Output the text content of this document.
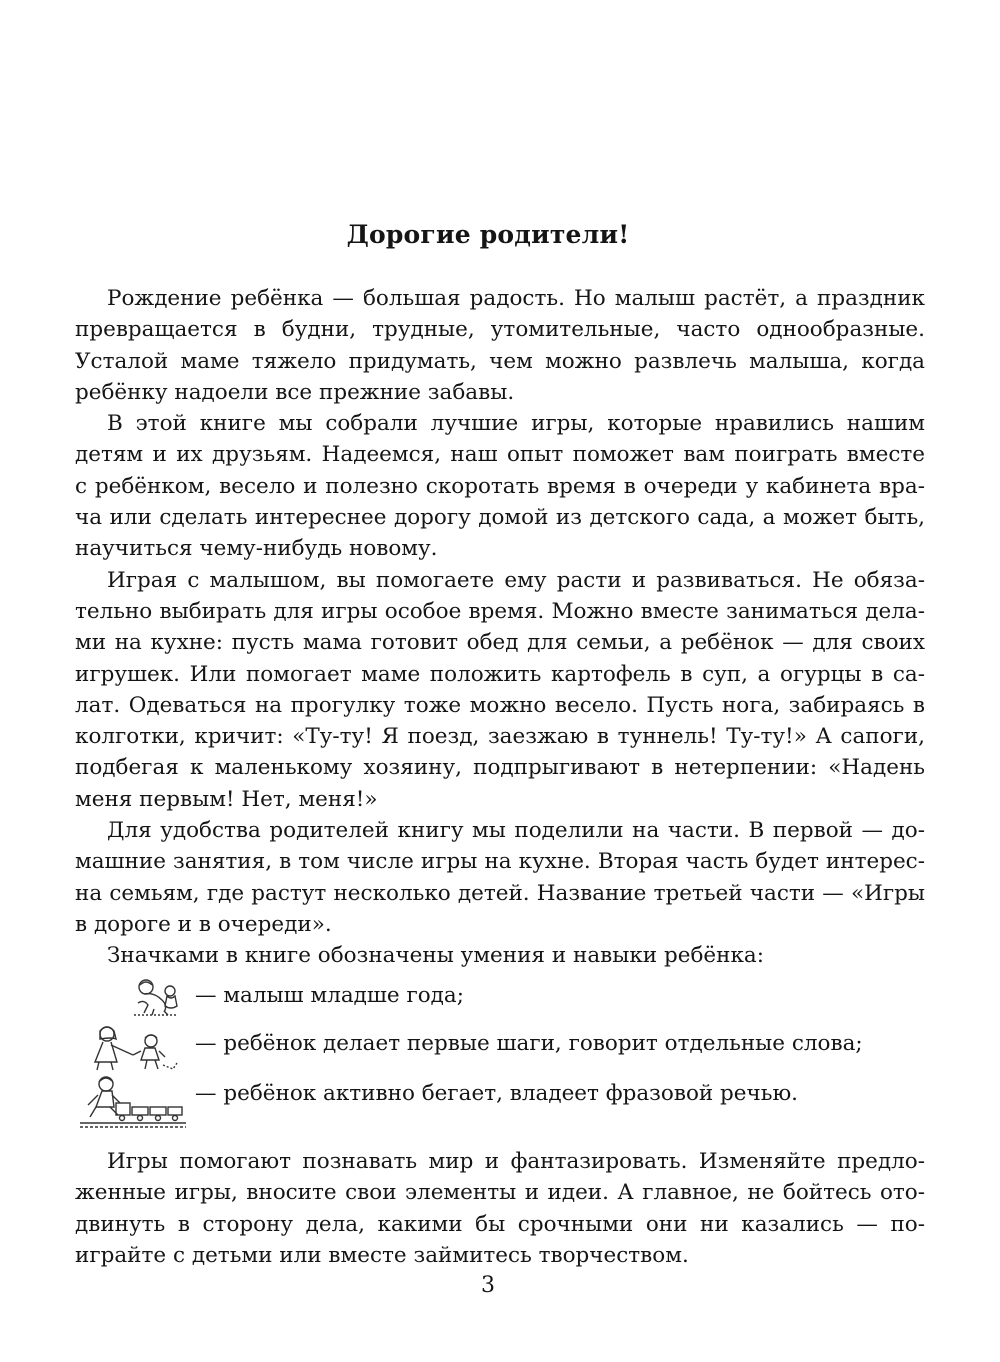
Дорогие родители!
Рождение ребёнка — большая радость. Но малыш растёт, а праздник
превращается в будни, трудные, утомительные, часто однообразные.
Усталой маме тяжело придумать, чем можно развлечь малыша, когда
ребёнку надоели все прежние забавы.
В этой книге мы собрали лучшие игры, которые нравились нашим
детям и их друзьям. Надеемся, наш опыт поможет вам поиграть вместе
с ребёнком, весело и полезно скоротать время в очереди у кабинета вра-
ча или сделать интереснее дорогу домой из детского сада, а может быть,
научиться чему-нибудь новому.
Играя с малышом, вы помогаете ему расти и развиваться. Не обяза-
тельно выбирать для игры особое время. Можно вместе заниматься дела-
ми на кухне: пусть мама готовит обед для семьи, а ребёнок — для своих
игрушек. Или помогает маме положить картофель в суп, а огурцы в са-
лат. Одеваться на прогулку тоже можно весело. Пусть нога, забираясь в
колготки, кричит: «Ту-ту! Я поезд, заезжаю в туннель! Ту-ту!» А сапоги,
подбегая к маленькому хозяину, подпрыгивают в нетерпении: «Надень
меня первым! Нет, меня!»
Для удобства родителей книгу мы поделили на части. В первой — до-
машние занятия, в том числе игры на кухне. Вторая часть будет интерес-
на семьям, где растут несколько детей. Название третьей части — «Игры
в дороге и в очереди».
Значками в книге обозначены умения и навыки ребёнка:
— малыш младше года;
— ребёнок делает первые шаги, говорит отдельные слова;
— ребёнок активно бегает, владеет фразовой речью.
Игры помогают познавать мир и фантазировать. Изменяйте предло-
женные игры, вносите свои элементы и идеи. А главное, не бойтесь отo-
двинуть в сторону дела, какими бы срочными они ни казались — по-
играйте с детьми или вместе займитесь творчеством.
3
